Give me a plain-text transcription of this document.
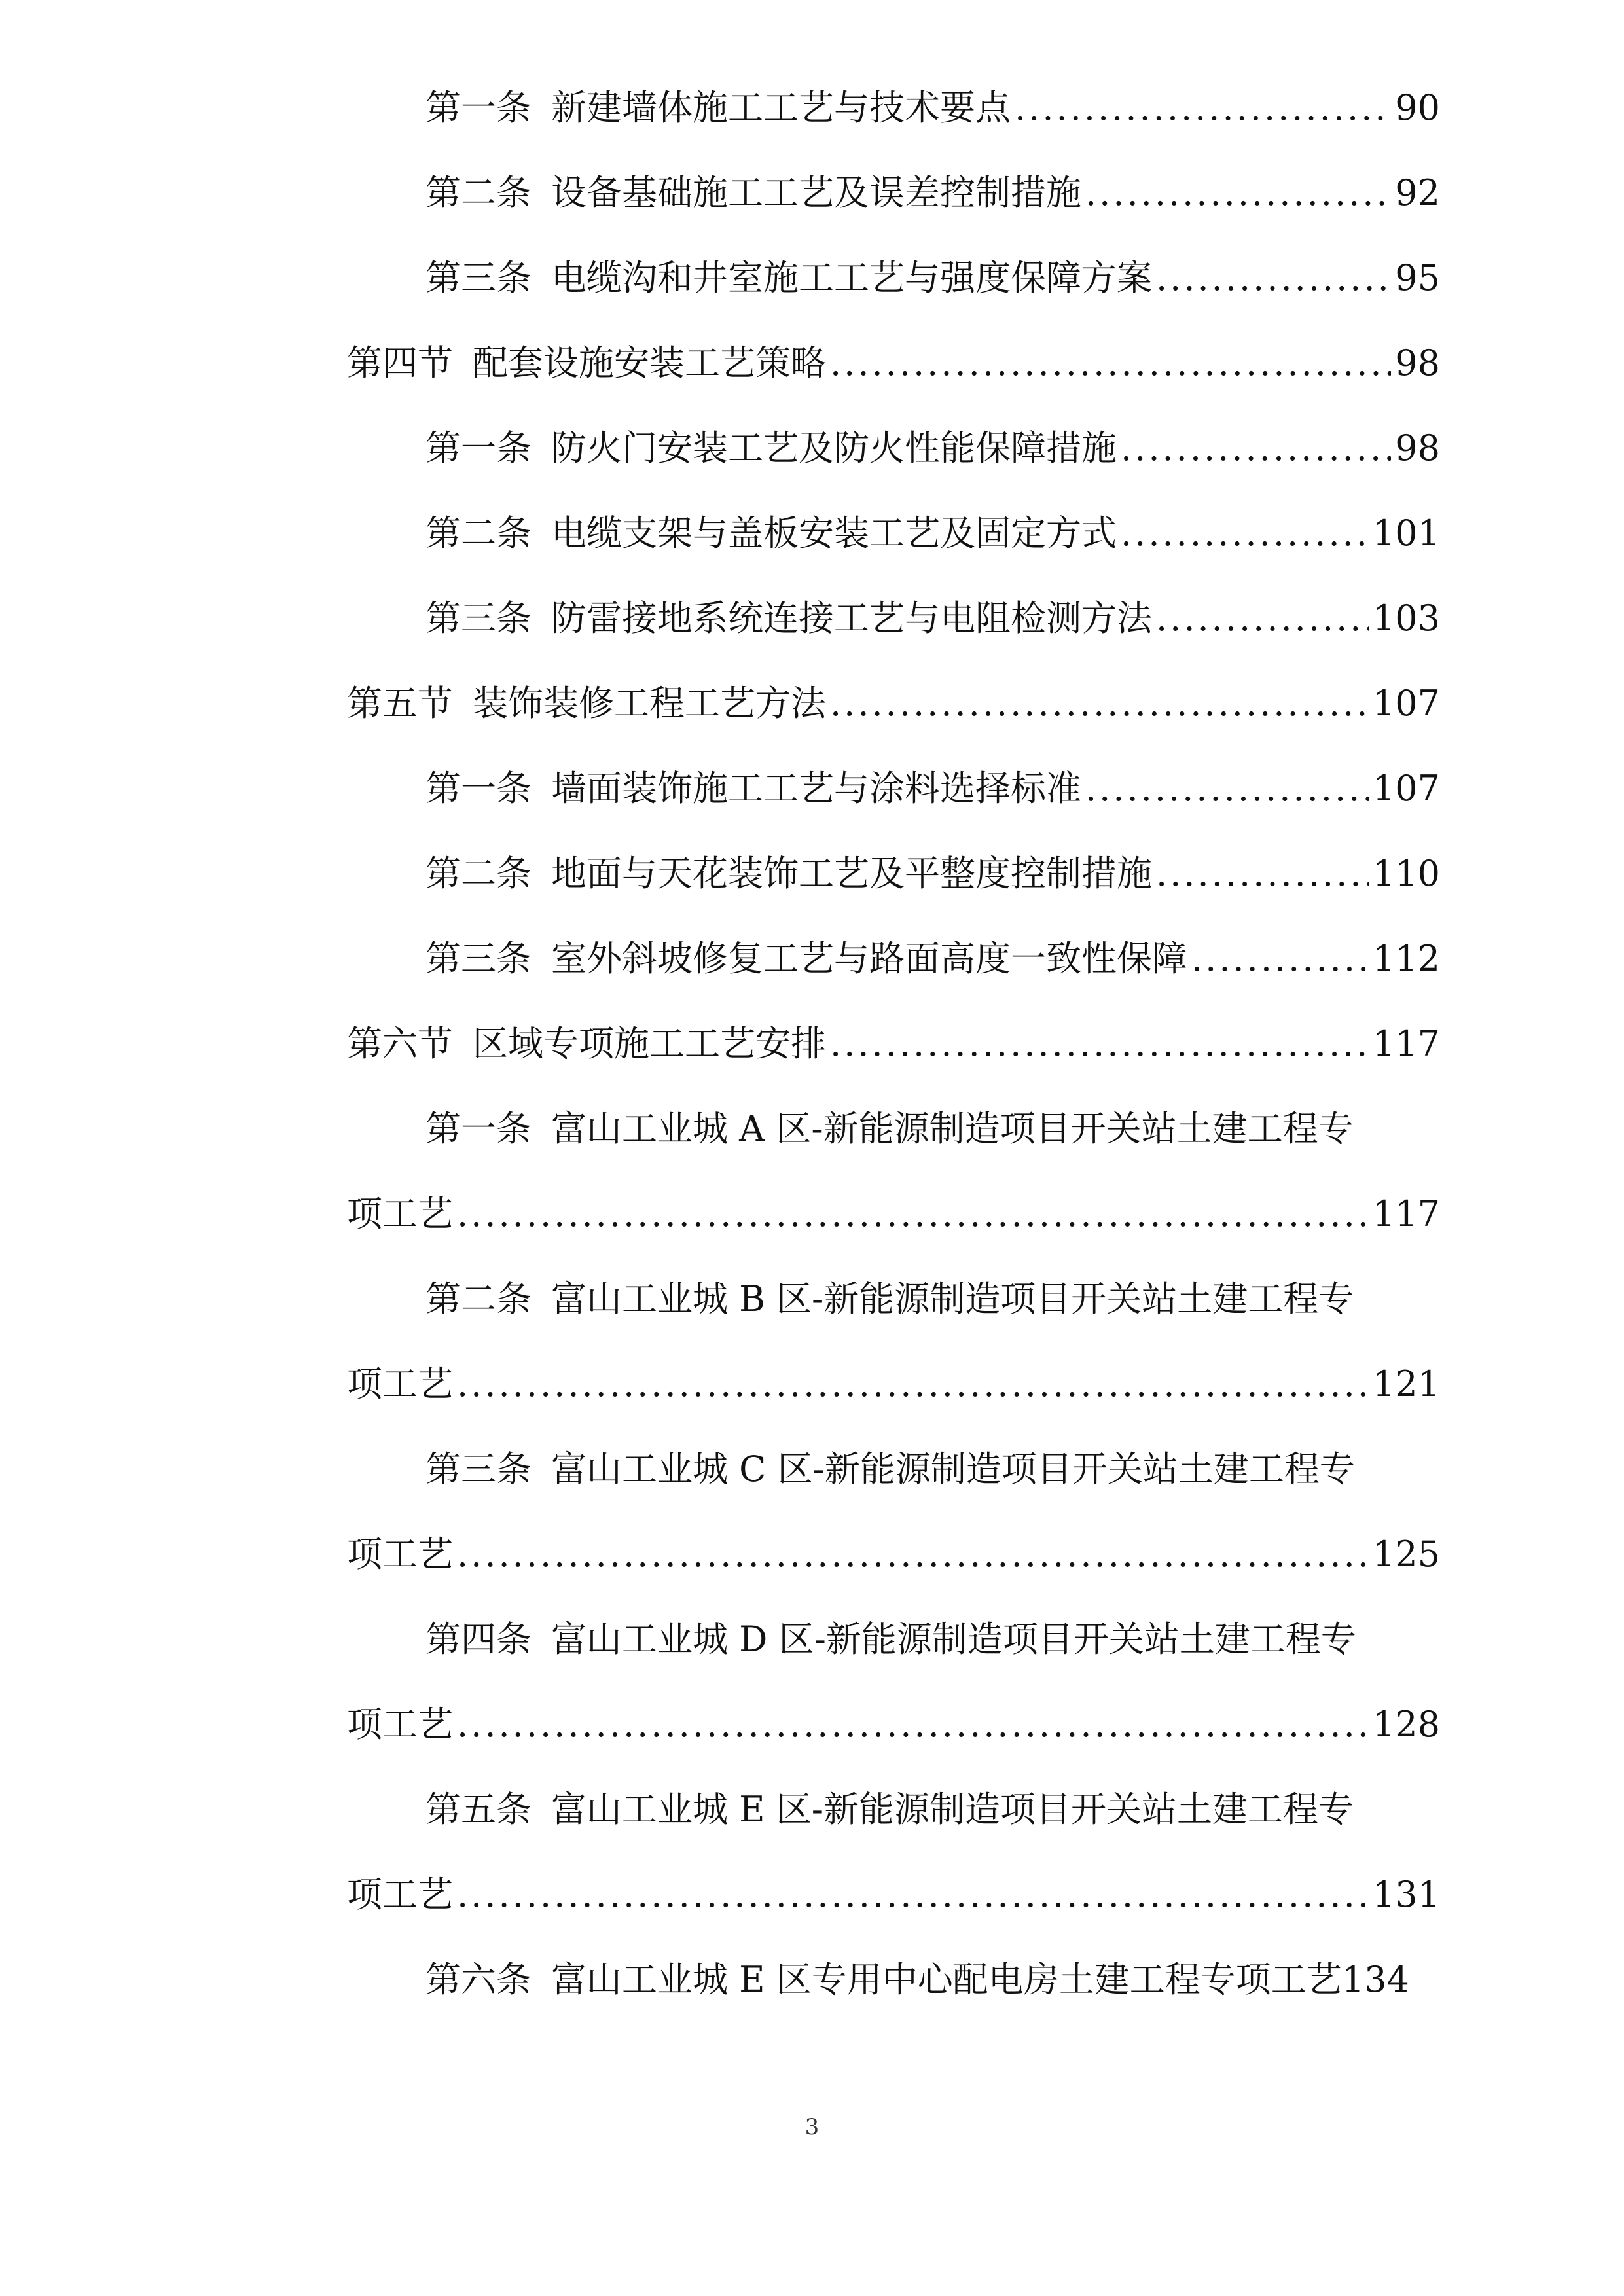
第一条 新建墙体施工工艺与技术要点 .....	90
第二条 设备基础施工工艺及误差控制措施 .....	92
第三条 电缆沟和井室施工工艺与强度保障方案 .....	95
第四节 配套设施安装工艺策略 .....	98
第一条 防火门安装工艺及防火性能保障措施 .....	98
第二条 电缆支架与盖板安装工艺及固定方式 .....	101
第三条 防雷接地系统连接工艺与电阻检测方法 .....	103
第五节 装饰装修工程工艺方法 .....	107
第一条 墙面装饰施工工艺与涂料选择标准 .....	107
第二条 地面与天花装饰工艺及平整度控制措施 .....	110
第三条 室外斜坡修复工艺与路面高度一致性保障 .....	112
第六节 区域专项施工工艺安排 .....	117
第一条 富山工业城 A 区-新能源制造项目开关站土建工程专
项工艺 .....	117
第二条 富山工业城 B 区-新能源制造项目开关站土建工程专
项工艺 .....	121
第三条 富山工业城 C 区-新能源制造项目开关站土建工程专
项工艺 .....	125
第四条 富山工业城 D 区-新能源制造项目开关站土建工程专
项工艺 .....	128
第五条 富山工业城 E 区-新能源制造项目开关站土建工程专
项工艺 .....	131
第六条 富山工业城 E 区专用中心配电房土建工程专项工艺134
3
